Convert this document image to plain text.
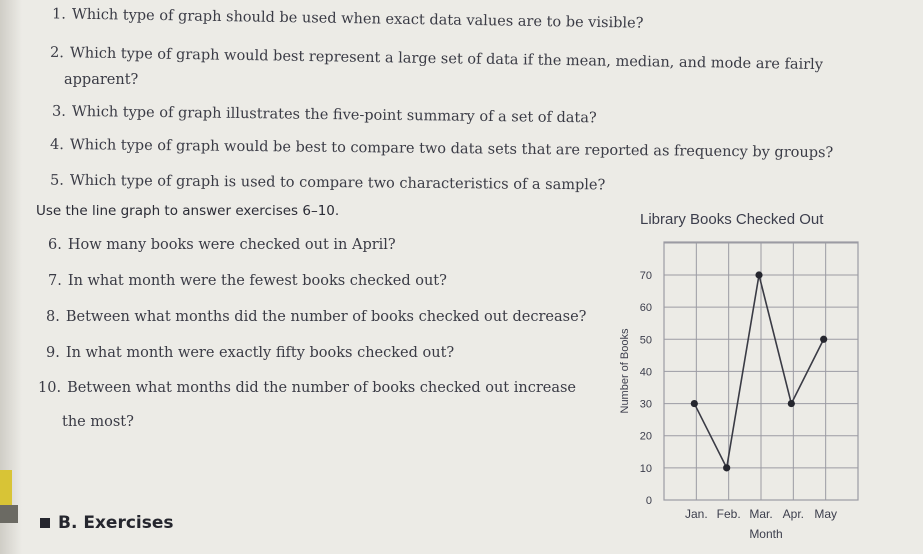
1. Which type of graph should be used when exact data values are to be visible?
2. Which type of graph would best represent a large set of data if the mean, median, and mode are fairly
apparent?
3. Which type of graph illustrates the five-point summary of a set of data?
4. Which type of graph would be best to compare two data sets that are reported as frequency by groups?
5. Which type of graph is used to compare two characteristics of a sample?
Use the line graph to answer exercises 6–10.
6. How many books were checked out in April?
7. In what month were the fewest books checked out?
8. Between what months did the number of books checked out decrease?
9. In what month were exactly fifty books checked out?
10. Between what months did the number of books checked out increase
the most?
B. Exercises
Library Books Checked Out
0
10
20
30
40
50
60
70
Jan. Feb. Mar. Apr. May
Month
Number of Books
